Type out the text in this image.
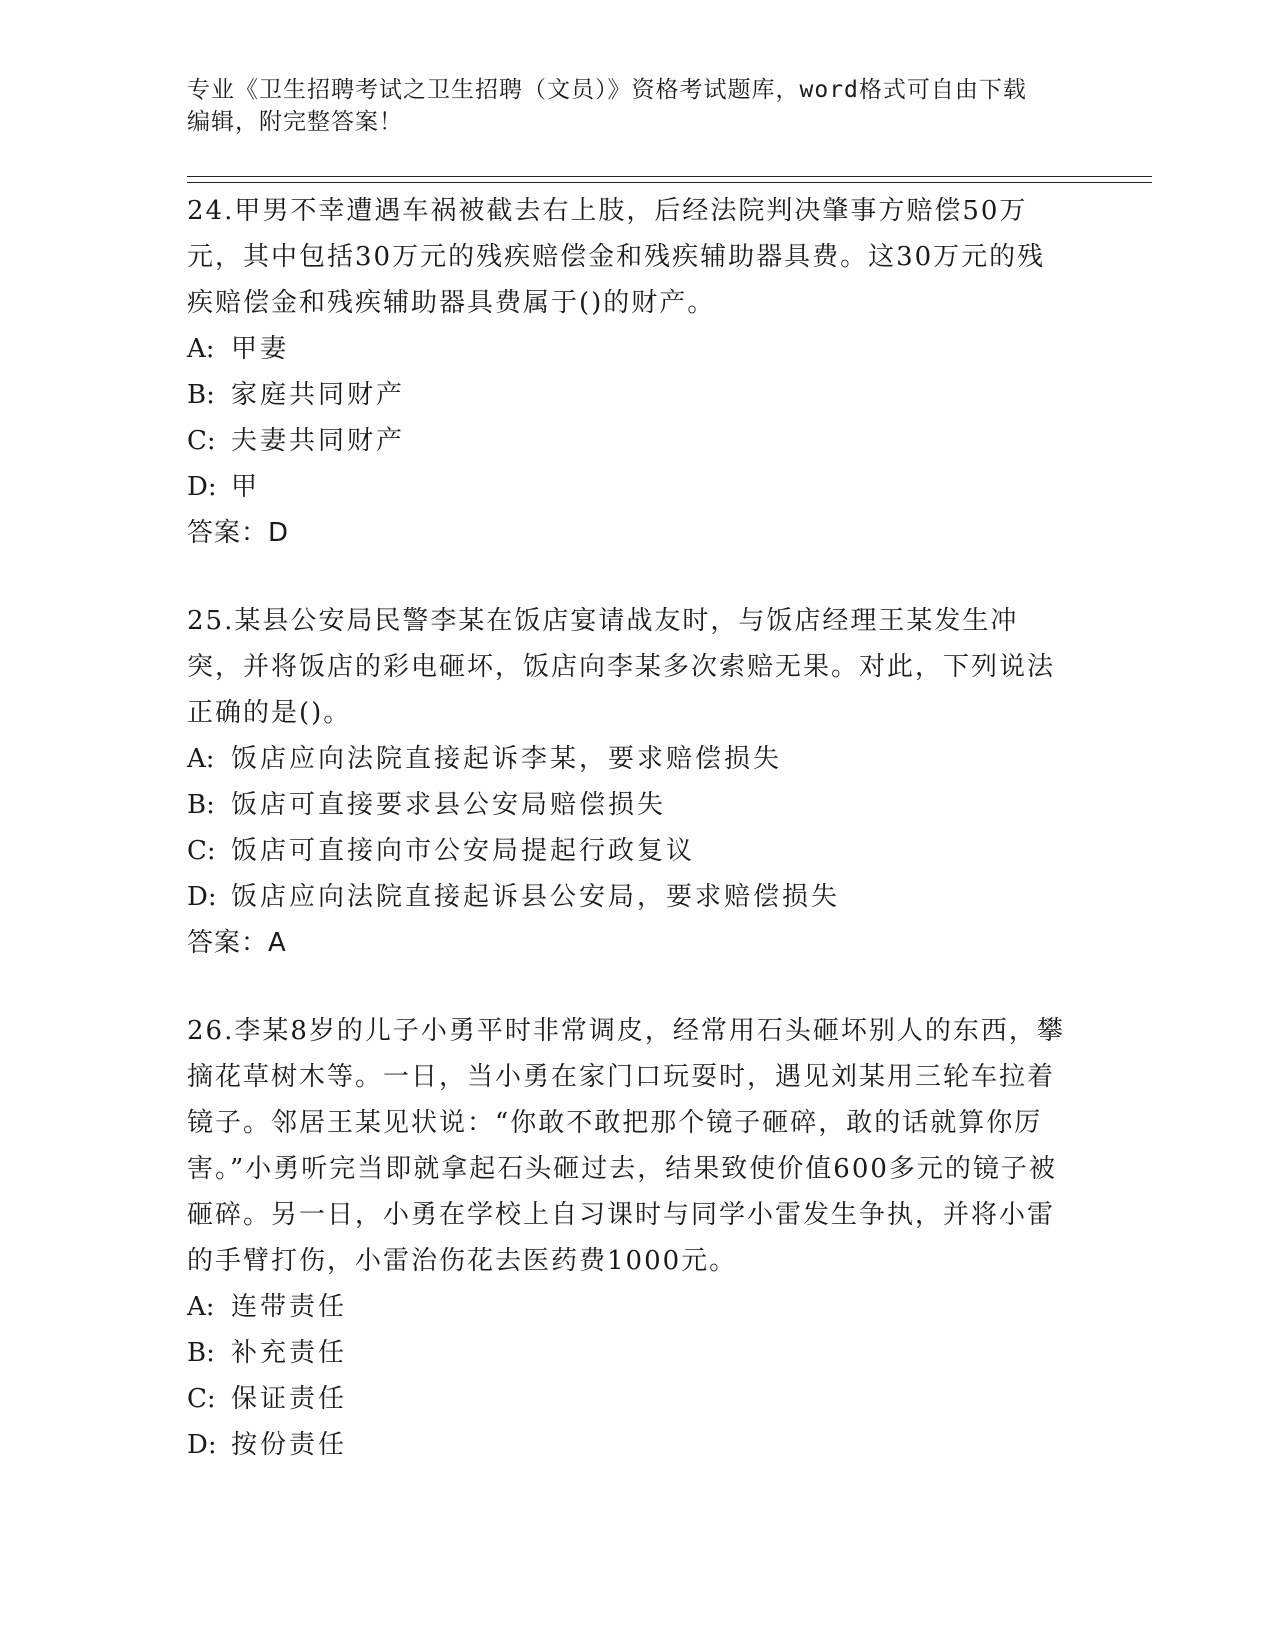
专业《卫生招聘考试之卫生招聘（文员）》资格考试题库，word格式可自由下载
编辑，附完整答案！

24.甲男不幸遭遇车祸被截去右上肢，后经法院判决肇事方赔偿50万元，其中包括30万元的残疾赔偿金和残疾辅助器具费。这30万元的残疾赔偿金和残疾辅助器具费属于()的财产。

A: 甲妻

B: 家庭共同财产

C: 夫妻共同财产

D: 甲

答案：D

25.某县公安局民警李某在饭店宴请战友时，与饭店经理王某发生冲突，并将饭店的彩电砸坏，饭店向李某多次索赔无果。对此，下列说法正确的是()。

A: 饭店应向法院直接起诉李某，要求赔偿损失

B: 饭店可直接要求县公安局赔偿损失

C: 饭店可直接向市公安局提起行政复议

D: 饭店应向法院直接起诉县公安局，要求赔偿损失

答案：A

26.李某8岁的儿子小勇平时非常调皮，经常用石头砸坏别人的东西，攀摘花草树木等。一日，当小勇在家门口玩耍时，遇见刘某用三轮车拉着镜子。邻居王某见状说：“你敢不敢把那个镜子砸碎，敢的话就算你厉害。”小勇听完当即就拿起石头砸过去，结果致使价值600多元的镜子被砸碎。另一日，小勇在学校上自习课时与同学小雷发生争执，并将小雷的手臂打伤，小雷治伤花去医药费1000元。

A: 连带责任

B: 补充责任

C: 保证责任

D: 按份责任
